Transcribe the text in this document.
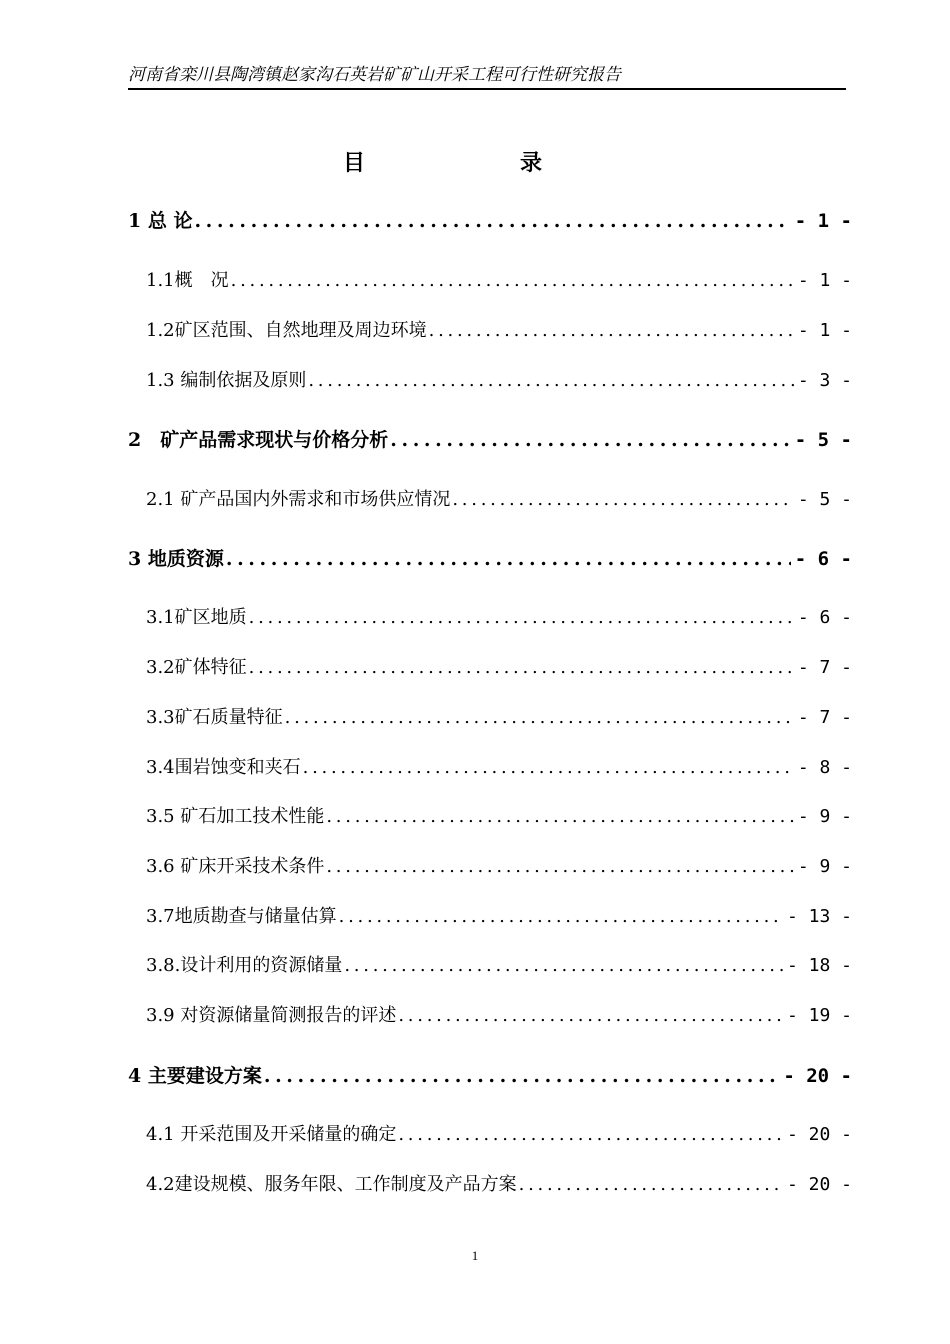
河南省栾川县陶湾镇赵家沟石英岩矿矿山开采工程可行性研究报告
目	录
1 总 论 . . .	- 1 -
1.1概　况 . . .	- 1 -
1.2矿区范围、自然地理及周边环境 . . .	- 1 -
1.3 编制依据及原则 . . .	- 3 -
2　矿产品需求现状与价格分析 . . .	- 5 -
2.1 矿产品国内外需求和市场供应情况 . . .	- 5 -
3 地质资源 . . .	- 6 -
3.1矿区地质 . . .	- 6 -
3.2矿体特征 . . .	- 7 -
3.3矿石质量特征 . . .	- 7 -
3.4围岩蚀变和夹石 . . .	- 8 -
3.5 矿石加工技术性能 . . .	- 9 -
3.6 矿床开采技术条件 . . .	- 9 -
3.7地质勘查与储量估算 . . .	- 13 -
3.8.设计利用的资源储量 . . .	- 18 -
3.9 对资源储量简测报告的评述 . . .	- 19 -
4 主要建设方案 . . .	- 20 -
4.1 开采范围及开采储量的确定 . . .	- 20 -
4.2建设规模、服务年限、工作制度及产品方案 . . .	- 20 -
1
